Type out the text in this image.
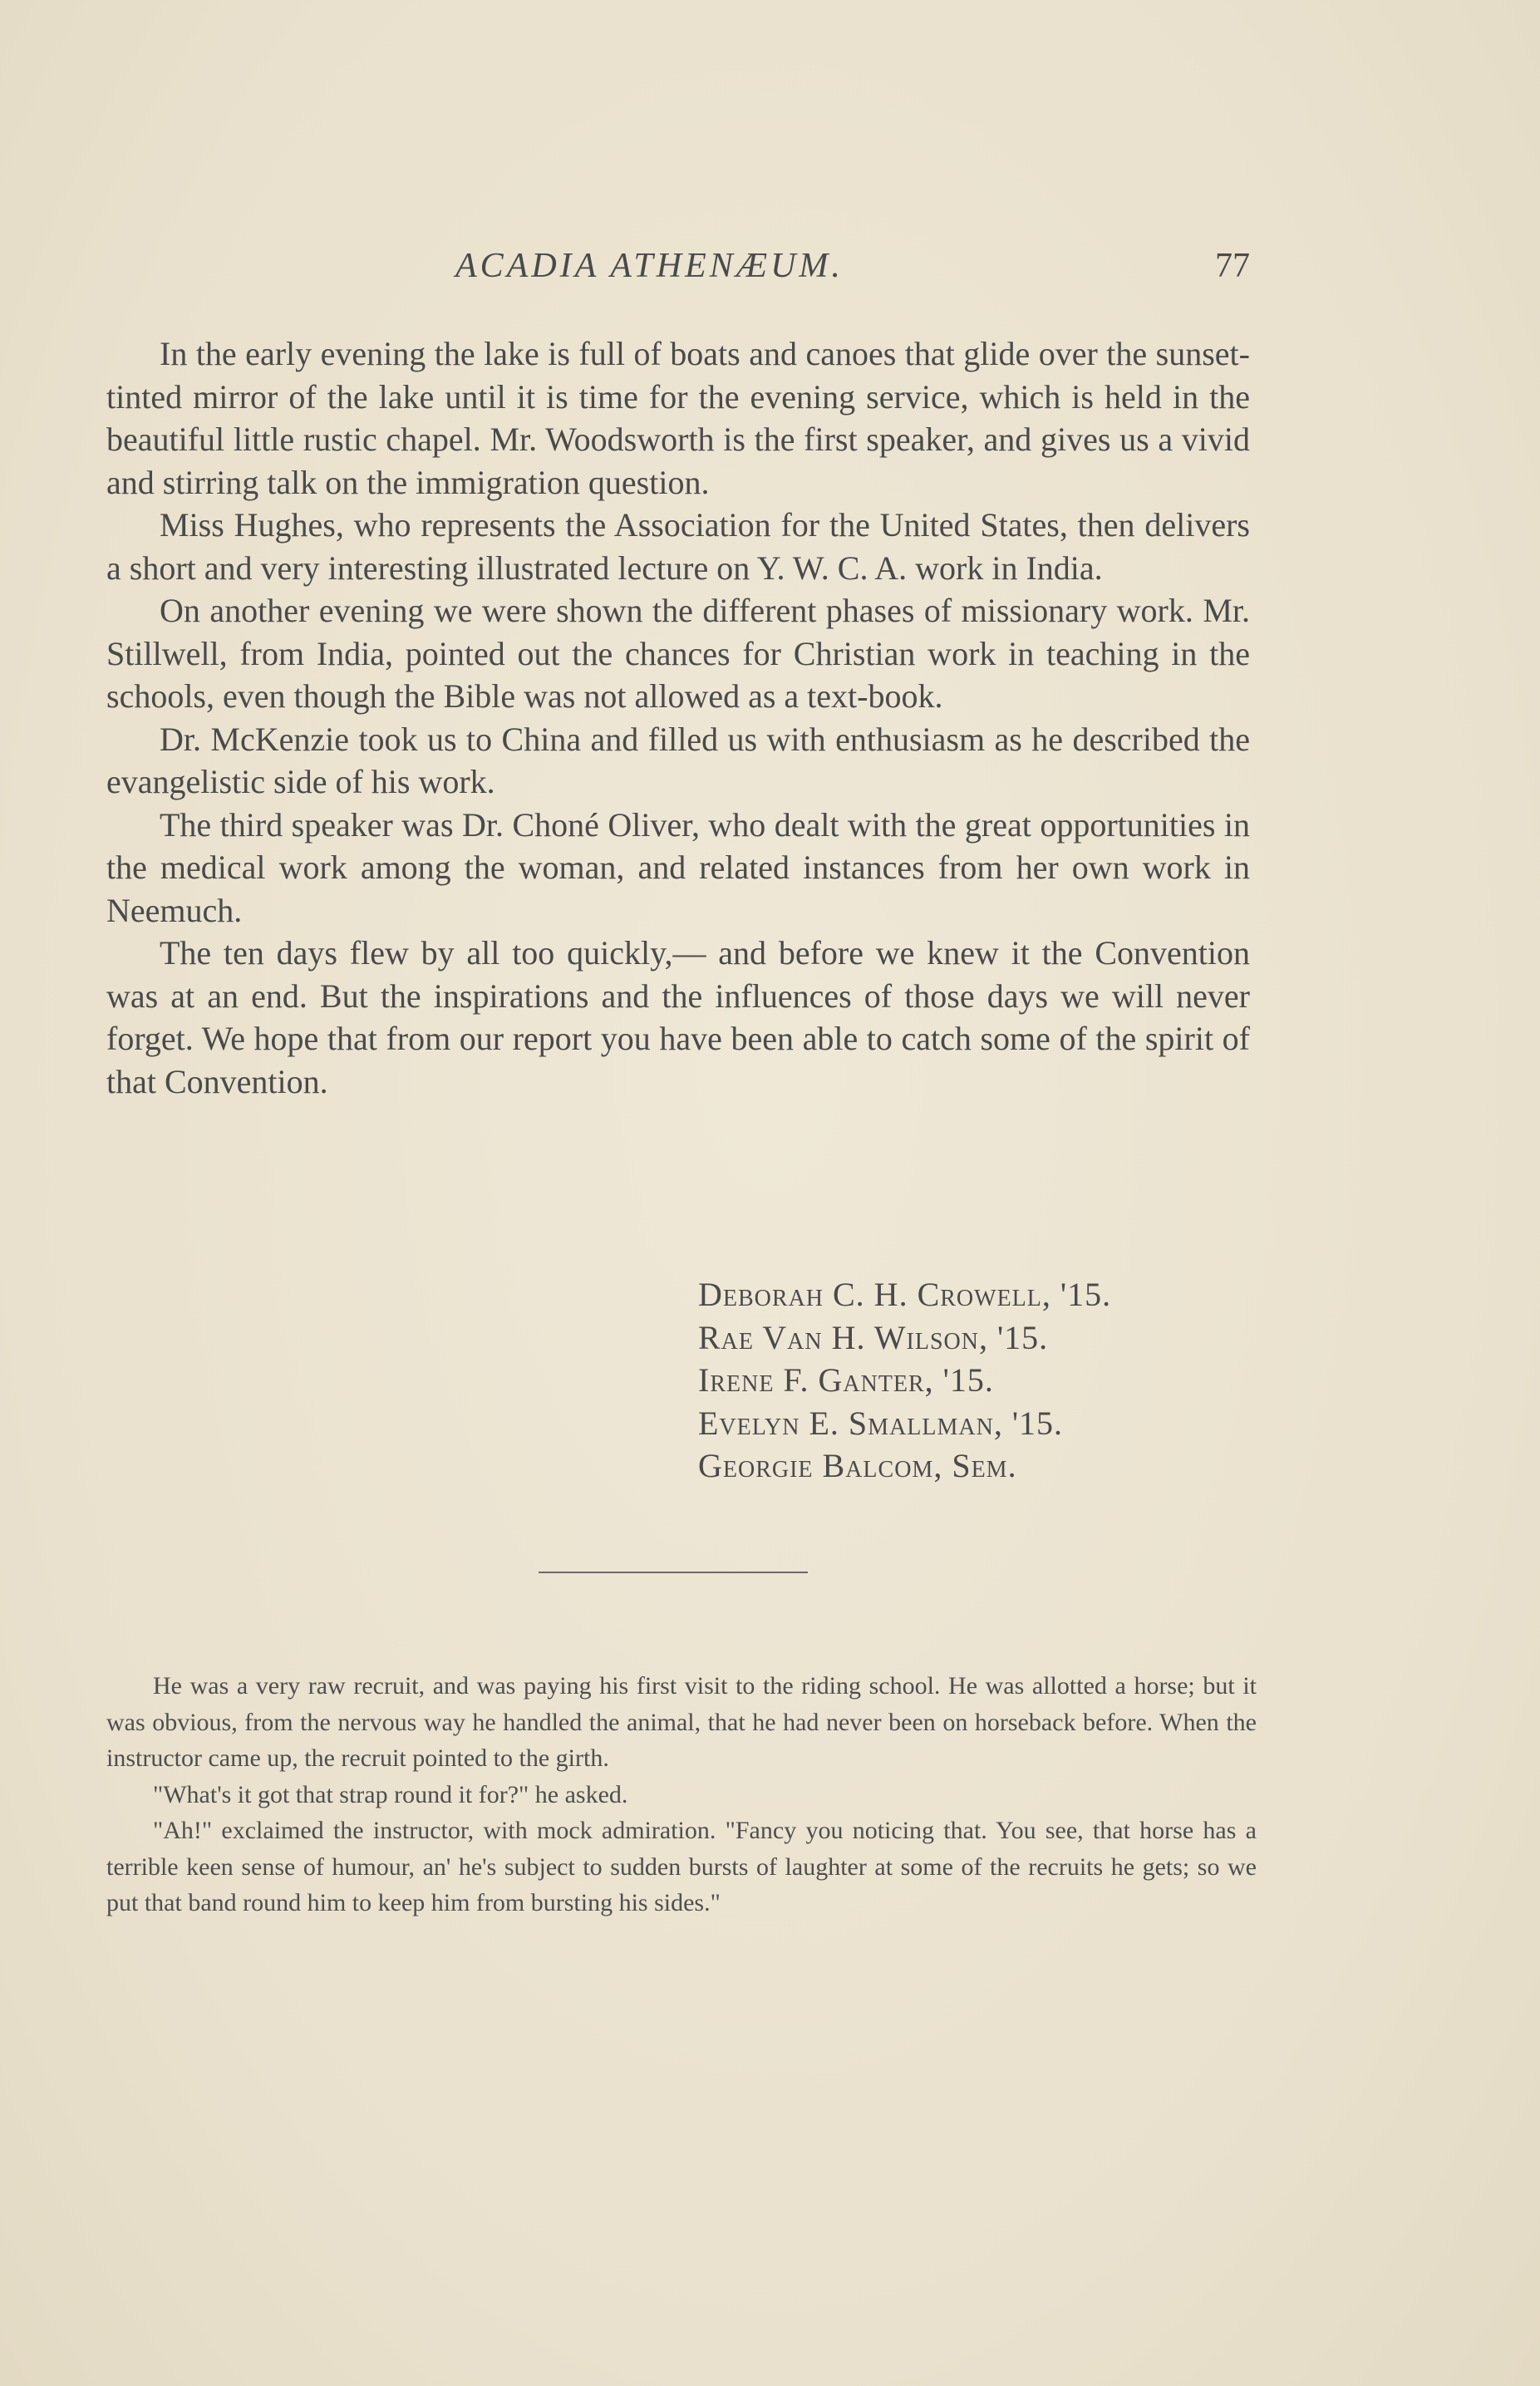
ACADIA ATHENÆUM.	77

In the early evening the lake is full of boats and canoes that glide over the sunset-tinted mirror of the lake until it is time for the evening service, which is held in the beautiful little rustic chapel. Mr. Woodsworth is the first speaker, and gives us a vivid and stirring talk on the immigration question.

Miss Hughes, who represents the Association for the United States, then delivers a short and very interesting illustrated lecture on Y. W. C. A. work in India.

On another evening we were shown the different phases of missionary work. Mr. Stillwell, from India, pointed out the chances for Christian work in teaching in the schools, even though the Bible was not allowed as a text-book.

Dr. McKenzie took us to China and filled us with enthusiasm as he described the evangelistic side of his work.

The third speaker was Dr. Choné Oliver, who dealt with the great opportunities in the medical work among the woman, and related instances from her own work in Neemuch.

The ten days flew by all too quickly,— and before we knew it the Convention was at an end. But the inspirations and the influences of those days we will never forget. We hope that from our report you have been able to catch some of the spirit of that Convention.

Deborah C. H. Crowell, '15.
Rae Van H. Wilson, '15.
Irene F. Ganter, '15.
Evelyn E. Smallman, '15.
Georgie Balcom, Sem.

He was a very raw recruit, and was paying his first visit to the riding school. He was allotted a horse; but it was obvious, from the nervous way he handled the animal, that he had never been on horseback before. When the instructor came up, the recruit pointed to the girth.

"What's it got that strap round it for?" he asked.

"Ah!" exclaimed the instructor, with mock admiration. "Fancy you noticing that. You see, that horse has a terrible keen sense of humour, an' he's subject to sudden bursts of laughter at some of the recruits he gets; so we put that band round him to keep him from bursting his sides."
